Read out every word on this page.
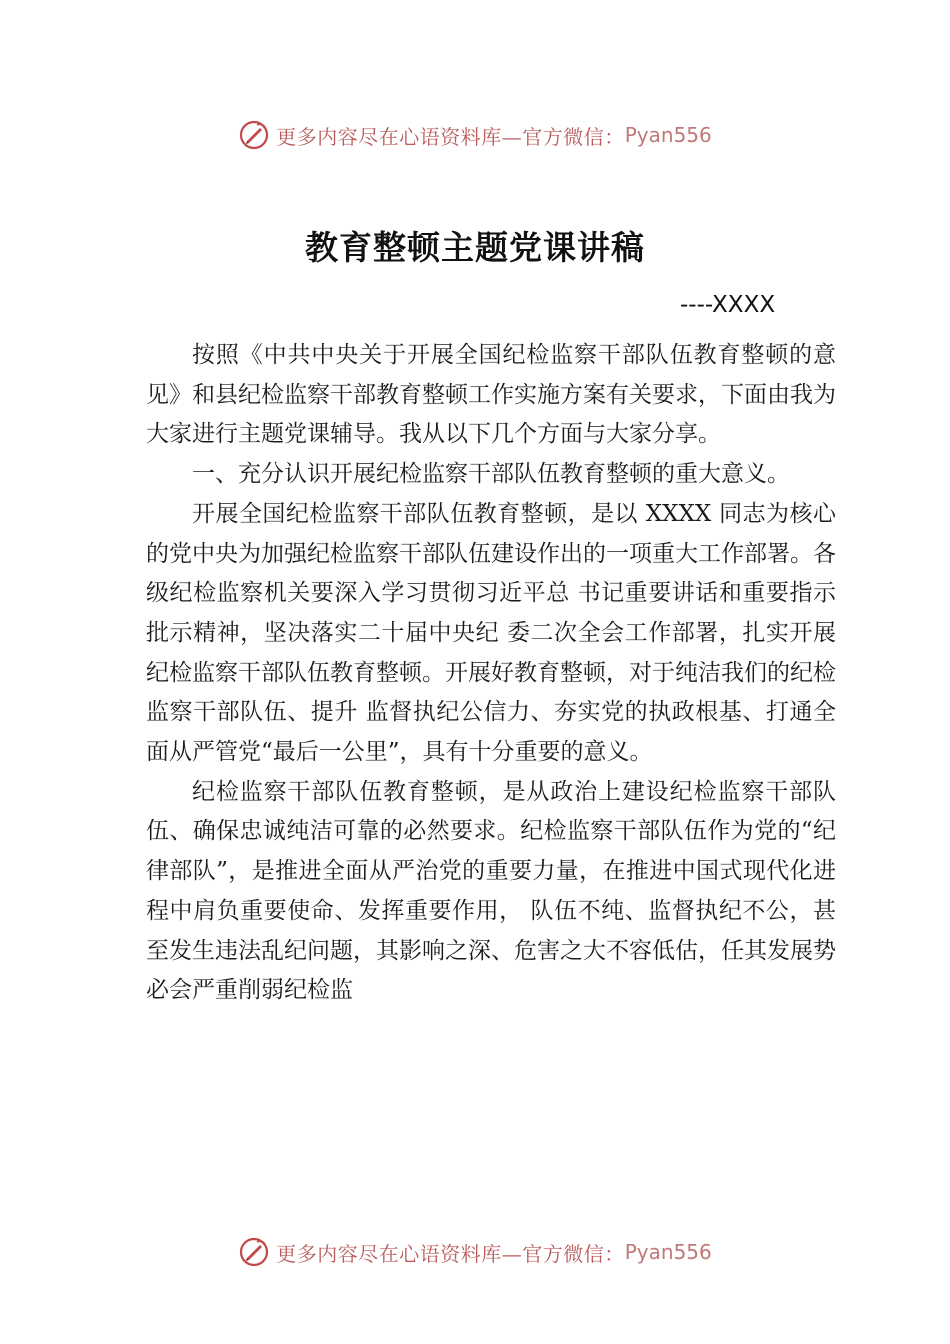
更多内容尽在心语资料库—官方微信： Pyan556
教育整顿主题党课讲稿
----XXXX

按照《中共中央关于开展全国纪检监察干部队伍教育整顿的意见》和县纪检监察干部教育整顿工作实施方案有关要求，下面由我为大家进行主题党课辅导。我从以下几个方面与大家分享。

一、充分认识开展纪检监察干部队伍教育整顿的重大意义。

开展全国纪检监察干部队伍教育整顿，是以 XXXX 同志为核心的党中央为加强纪检监察干部队伍建设作出的一项重大工作部署。各级纪检监察机关要深入学习贯彻习近平总 书记重要讲话和重要指示批示精神，坚决落实二十届中央纪 委二次全会工作部署，扎实开展纪检监察干部队伍教育整顿。开展好教育整顿，对于纯洁我们的纪检监察干部队伍、提升 监督执纪公信力、夯实党的执政根基、打通全面从严管党“最后一公里”，具有十分重要的意义。

纪检监察干部队伍教育整顿，是从政治上建设纪检监察干部队伍、确保忠诚纯洁可靠的必然要求。纪检监察干部队伍作为党的“纪律部队”，是推进全面从严治党的重要力量，在推进中国式现代化进程中肩负重要使命、发挥重要作用， 队伍不纯、监督执纪不公，甚至发生违法乱纪问题，其影响之深、危害之大不容低估，任其发展势必会严重削弱纪检监

更多内容尽在心语资料库—官方微信： Pyan556
